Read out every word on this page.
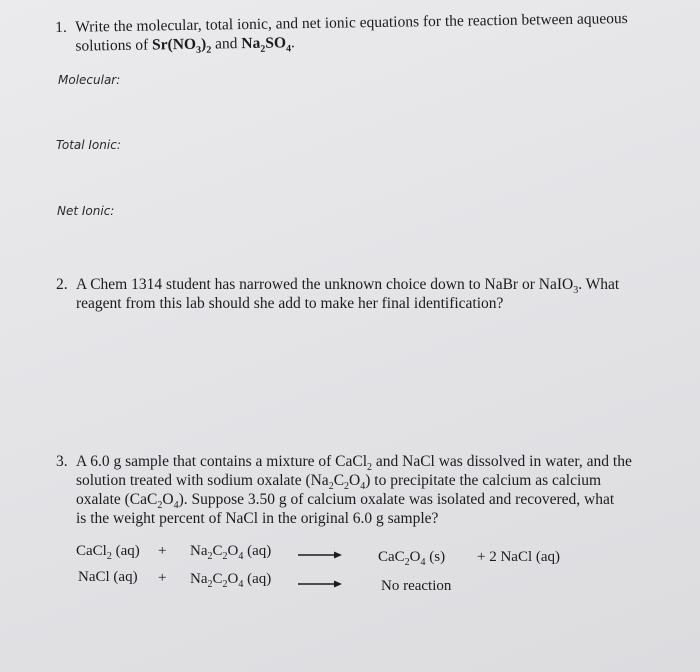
1. Write the molecular, total ionic, and net ionic equations for the reaction between aqueous
solutions of $Sr(NO_3)_2$ and $Na_2SO_4$.
Molecular:
Total Ionic:
Net Ionic:
2. A Chem 1314 student has narrowed the unknown choice down to NaBr or NaIO$_3$. What
reagent from this lab should she add to make her final identification?
3. A 6.0 g sample that contains a mixture of CaCl$_2$ and NaCl was dissolved in water, and the
solution treated with sodium oxalate $(Na_2C_2O_4)$ to precipitate the calcium as calcium
oxalate $(CaC_2O_4)$. Suppose 3.50 g of calcium oxalate was isolated and recovered, what
is the weight percent of NaCl in the original 6.0 g sample?
CaCl$_2$ $(aq) + Na_2C_2O_4$ (aq)	$CaC_2O_4$ (s) + 2 NaCl (aq)
NaCl $(aq) + Na_2C_2O_4$ (aq)	No reaction
